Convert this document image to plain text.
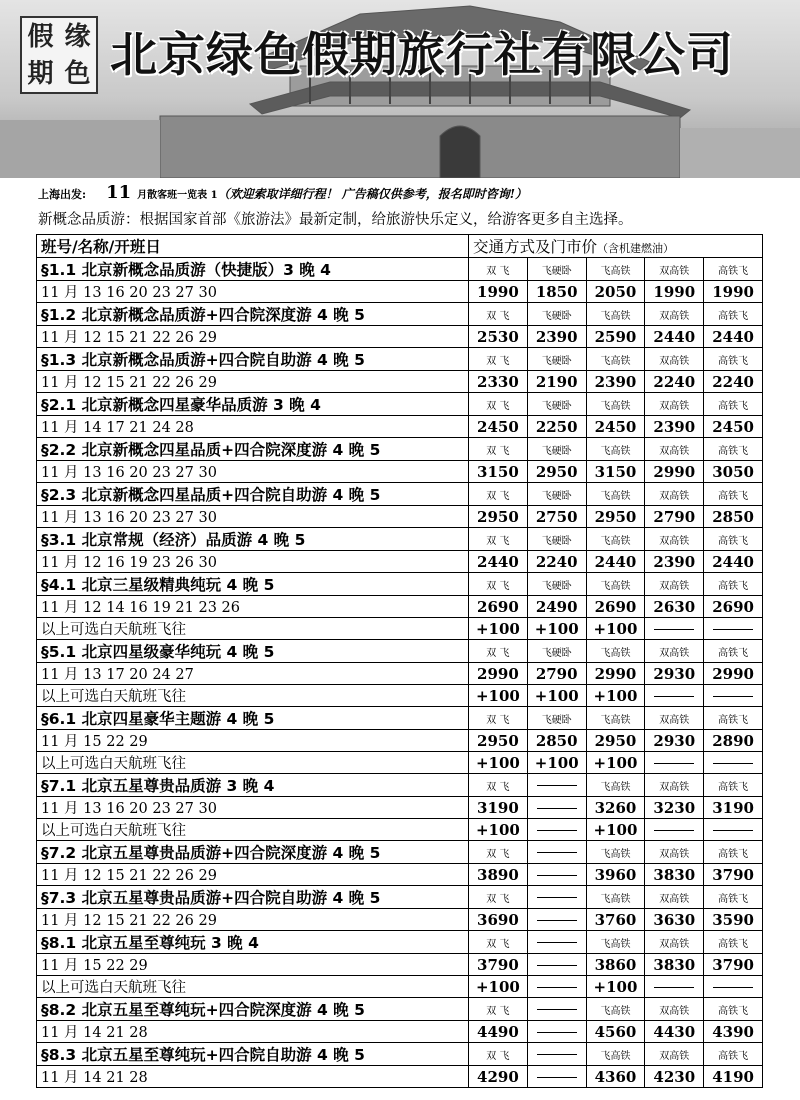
假 缘
期 色 北京绿色假期旅行社有限公司
上海出发: 11 月散客班一览表 1（欢迎索取详细行程！ 广告稿仅供参考，报名即时咨询!）
新概念品质游：根据国家首部《旅游法》最新定制，给旅游快乐定义，给游客更多自主选择。
班号/名称/开班日	交通方式及门市价（含机建燃油）				
§1.1 北京新概念品质游（快捷版）3 晚 4	双 飞	飞硬卧	飞高铁	双高铁	高铁飞
11 月 13 16 20 23 27 30	1990	1850	2050	1990	1990
§1.2 北京新概念品质游+四合院深度游 4 晚 5	双 飞	飞硬卧	飞高铁	双高铁	高铁飞
11 月 12 15 21 22 26 29	2530	2390	2590	2440	2440
§1.3 北京新概念品质游+四合院自助游 4 晚 5	双 飞	飞硬卧	飞高铁	双高铁	高铁飞
11 月 12 15 21 22 26 29	2330	2190	2390	2240	2240
§2.1 北京新概念四星豪华品质游 3 晚 4	双 飞	飞硬卧	飞高铁	双高铁	高铁飞
11 月 14 17 21 24 28	2450	2250	2450	2390	2450
§2.2 北京新概念四星品质+四合院深度游 4 晚 5	双 飞	飞硬卧	飞高铁	双高铁	高铁飞
11 月 13 16 20 23 27 30	3150	2950	3150	2990	3050
§2.3 北京新概念四星品质+四合院自助游 4 晚 5	双 飞	飞硬卧	飞高铁	双高铁	高铁飞
11 月 13 16 20 23 27 30	2950	2750	2950	2790	2850
§3.1 北京常规（经济）品质游 4 晚 5	双 飞	飞硬卧	飞高铁	双高铁	高铁飞
11 月 12 16 19 23 26 30	2440	2240	2440	2390	2440
§4.1 北京三星级精典纯玩 4 晚 5	双 飞	飞硬卧	飞高铁	双高铁	高铁飞
11 月 12 14 16 19 21 23 26	2690	2490	2690	2630	2690
以上可选白天航班飞往	+100	+100	+100		
§5.1 北京四星级豪华纯玩 4 晚 5	双 飞	飞硬卧	飞高铁	双高铁	高铁飞
11 月 13 17 20 24 27	2990	2790	2990	2930	2990
以上可选白天航班飞往	+100	+100	+100		
§6.1 北京四星豪华主题游 4 晚 5	双 飞	飞硬卧	飞高铁	双高铁	高铁飞
11 月 15 22 29	2950	2850	2950	2930	2890
以上可选白天航班飞往	+100	+100	+100		
§7.1 北京五星尊贵品质游 3 晚 4	双 飞		飞高铁	双高铁	高铁飞
11 月 13 16 20 23 27 30	3190		3260	3230	3190
以上可选白天航班飞往	+100		+100		
§7.2 北京五星尊贵品质游+四合院深度游 4 晚 5	双 飞		飞高铁	双高铁	高铁飞
11 月 12 15 21 22 26 29	3890		3960	3830	3790
§7.3 北京五星尊贵品质游+四合院自助游 4 晚 5	双 飞		飞高铁	双高铁	高铁飞
11 月 12 15 21 22 26 29	3690		3760	3630	3590
§8.1 北京五星至尊纯玩 3 晚 4	双 飞		飞高铁	双高铁	高铁飞
11 月 15 22 29	3790		3860	3830	3790
以上可选白天航班飞往	+100		+100		
§8.2 北京五星至尊纯玩+四合院深度游 4 晚 5	双 飞		飞高铁	双高铁	高铁飞
11 月 14 21 28	4490		4560	4430	4390
§8.3 北京五星至尊纯玩+四合院自助游 4 晚 5	双 飞		飞高铁	双高铁	高铁飞
11 月 14 21 28	4290		4360	4230	4190
